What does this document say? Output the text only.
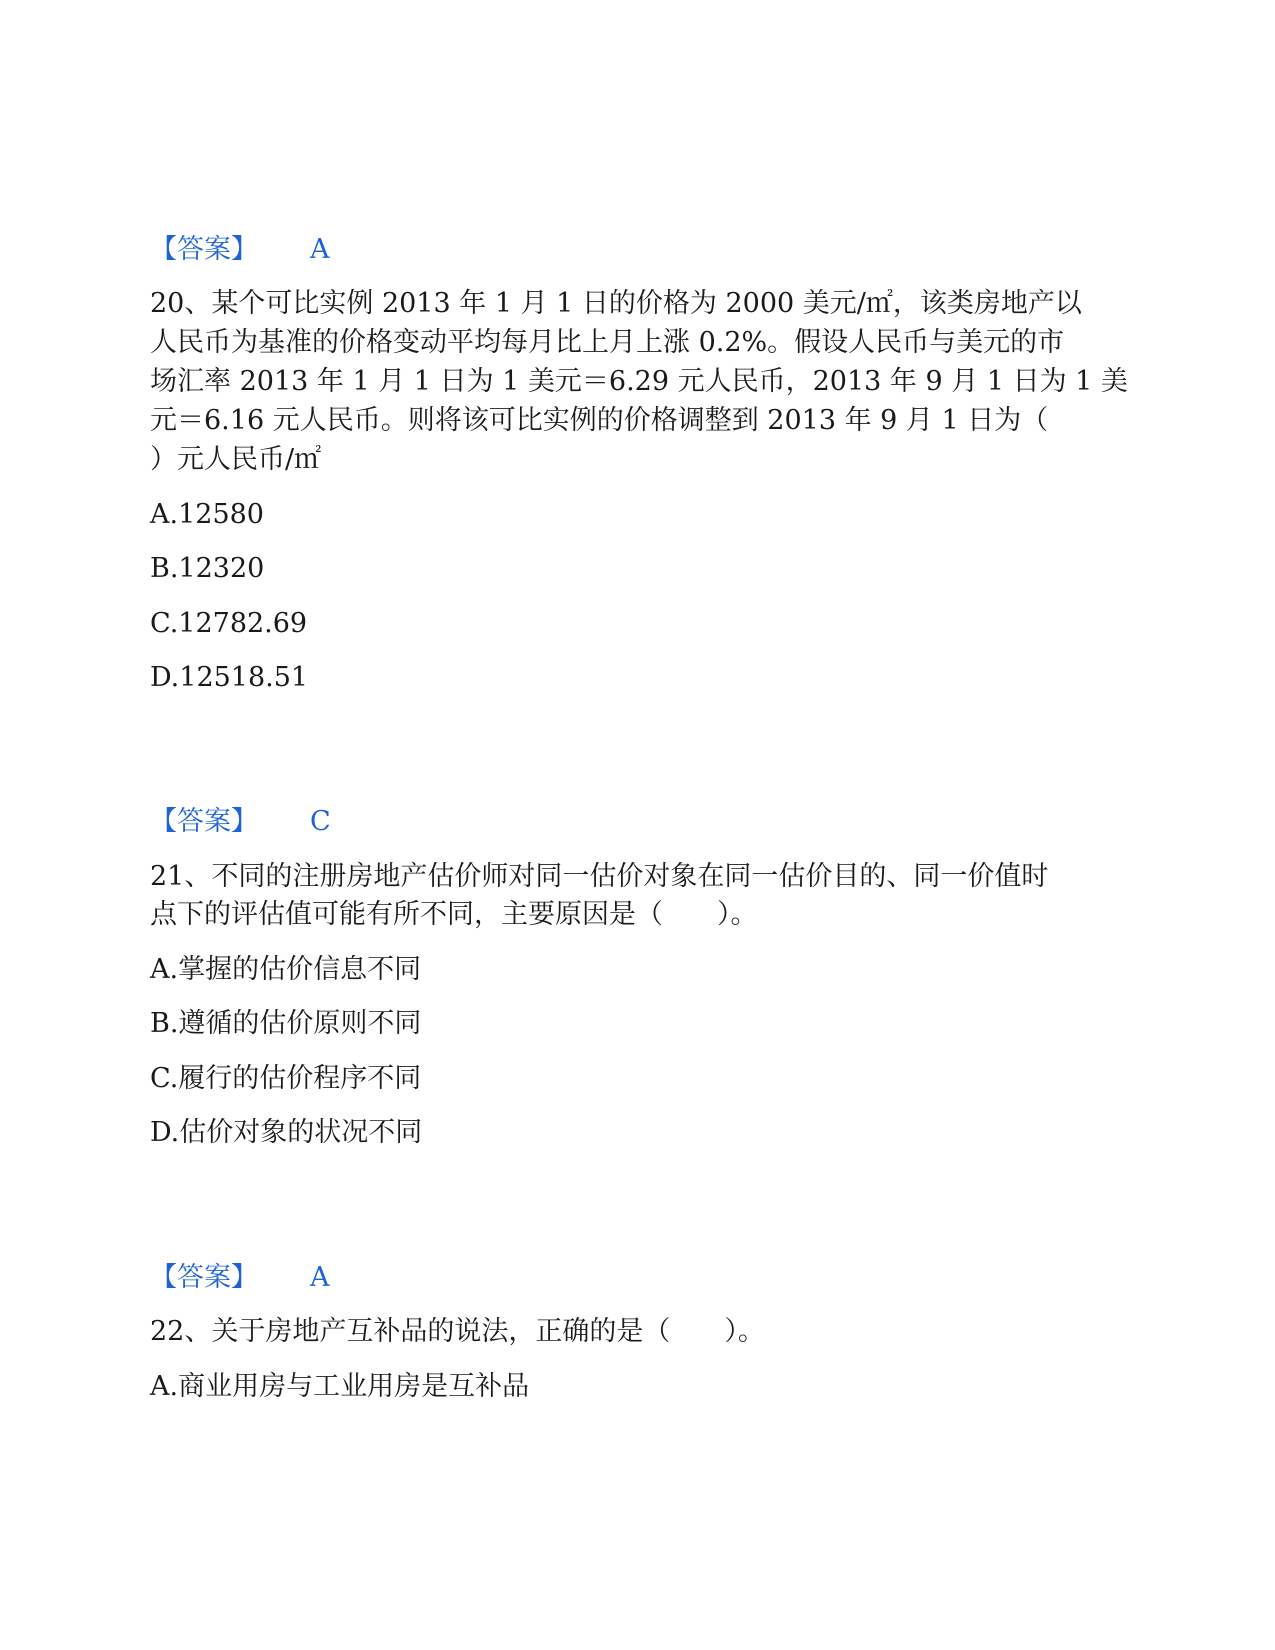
【答案】 A
20、某个可比实例 2013 年 1 月 1 日的价格为 2000 美元/㎡，该类房地产以
人民币为基准的价格变动平均每月比上月上涨 0.2%。假设人民币与美元的市
场汇率 2013 年 1 月 1 日为 1 美元＝6.29 元人民币，2013 年 9 月 1 日为 1 美
元＝6.16 元人民币。则将该可比实例的价格调整到 2013 年 9 月 1 日为（
）元人民币/㎡
A.12580
B.12320
C.12782.69
D.12518.51
【答案】 C
21、不同的注册房地产估价师对同一估价对象在同一估价目的、同一价值时
点下的评估值可能有所不同，主要原因是（　　）。
A.掌握的估价信息不同
B.遵循的估价原则不同
C.履行的估价程序不同
D.估价对象的状况不同
【答案】 A
22、关于房地产互补品的说法，正确的是（　　）。
A.商业用房与工业用房是互补品
